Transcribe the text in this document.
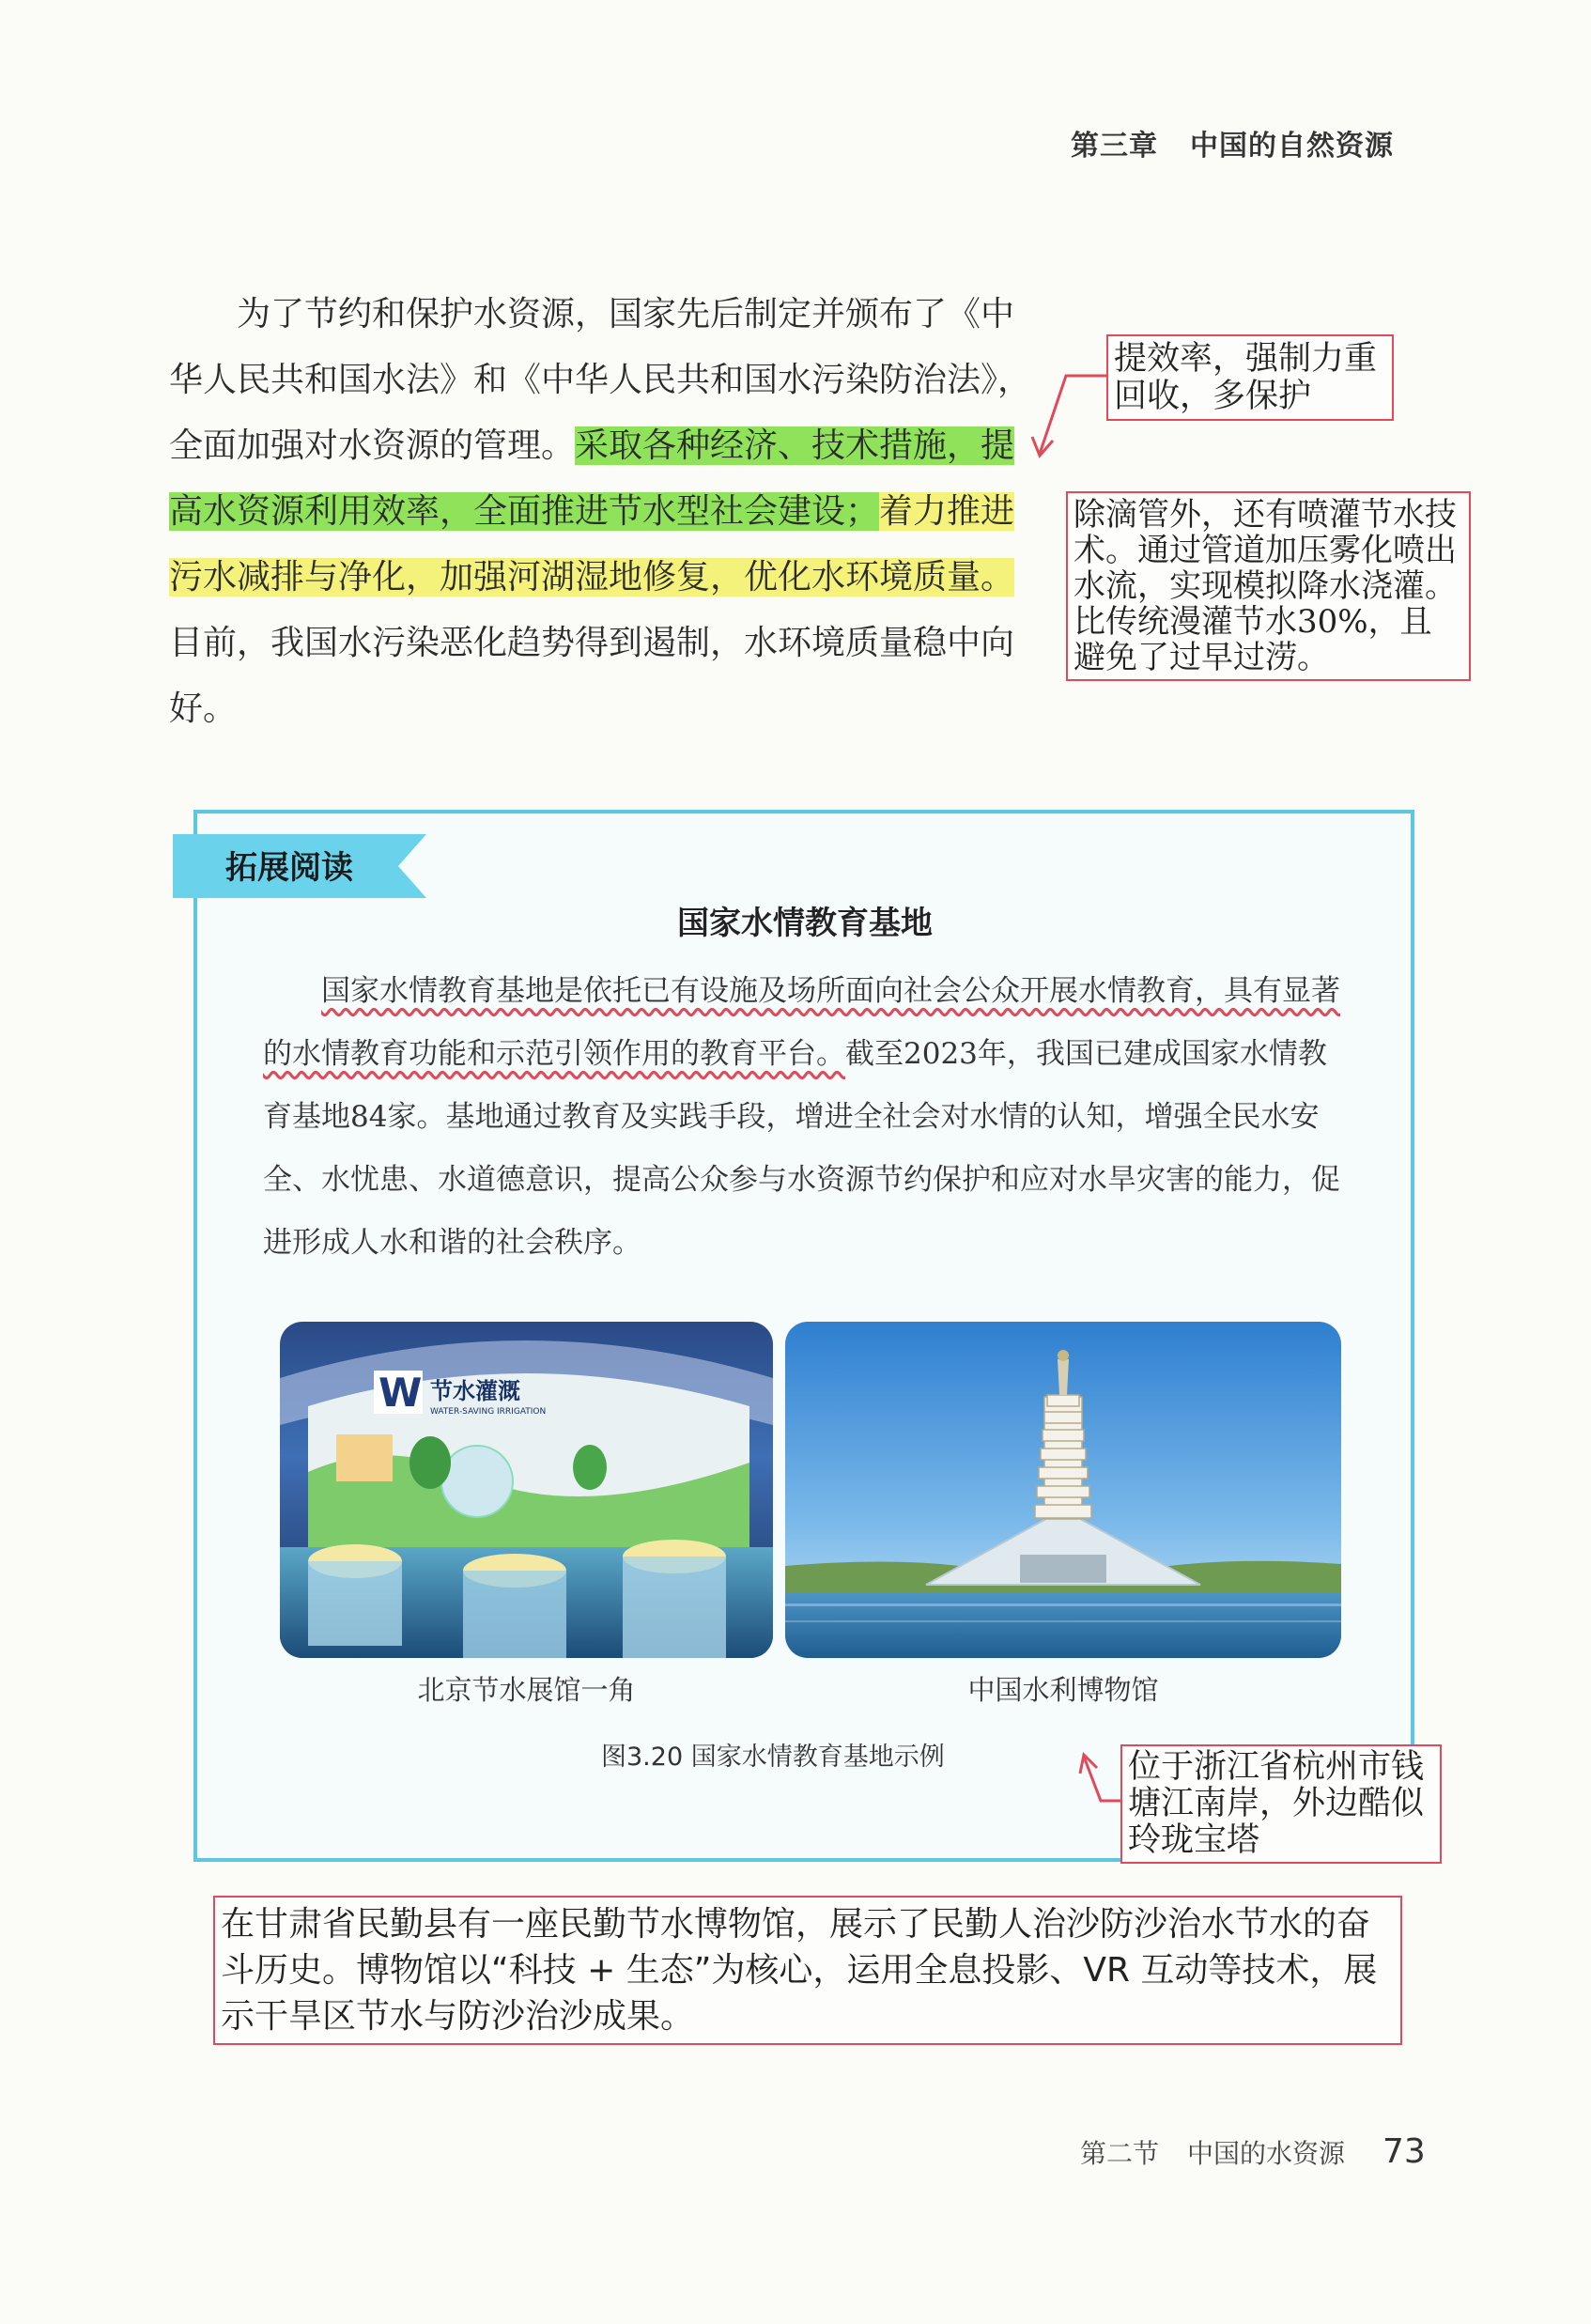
第三章 中国的自然资源

为了节约和保护水资源，国家先后制定并颁布了《中华人民共和国水法》和《中华人民共和国水污染防治法》，全面加强对水资源的管理。采取各种经济、技术措施，提高水资源利用效率，全面推进节水型社会建设；着力推进污水减排与净化，加强河湖湿地修复，优化水环境质量。目前，我国水污染恶化趋势得到遏制，水环境质量稳中向好。

提效率，强制力重回收，多保护
除滴管外，还有喷灌节水技术。通过管道加压雾化喷出水流，实现模拟降水浇灌。比传统漫灌节水30%，且避免了过早过涝。
拓展阅读
国家水情教育基地

国家水情教育基地是依托已有设施及场所面向社会公众开展水情教育，具有显著的水情教育功能和示范引领作用的教育平台。截至2023年，我国已建成国家水情教育基地84家。基地通过教育及实践手段，增进全社会对水情的认知，增强全民水安全、水忧患、水道德意识，提高公众参与水资源节约保护和应对水旱灾害的能力，促进形成人水和谐的社会秩序。

W 节水灌溉
WATER-SAVING IRRIGATION
北京节水展馆一角	中国水利博物馆
图3.20 国家水情教育基地示例	位于浙江省杭州市钱塘江南岸，外边酷似玲珑宝塔
在甘肃省民勤县有一座民勤节水博物馆，展示了民勤人治沙防沙治水节水的奋斗历史。博物馆以“科技 + 生态”为核心，运用全息投影、VR 互动等技术，展示干旱区节水与防沙治沙成果。
第二节 中国的水资源 73
